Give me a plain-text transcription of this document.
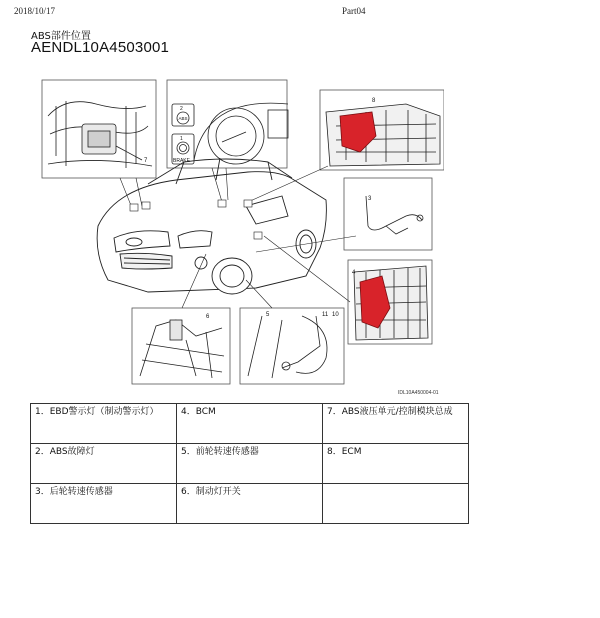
2018/10/17	Part04
ABS部件位置
AENDL10A4503001
7
ABS
2
BRAKE
1
8
3
4
6	5	11 10
IDL10A450004-01
1．EBD警示灯（制动警示灯）	4．BCM	7．ABS液压单元/控制模块总成
2．ABS故障灯	5．前轮转速传感器	8．ECM
3．后轮转速传感器	6．制动灯开关	
